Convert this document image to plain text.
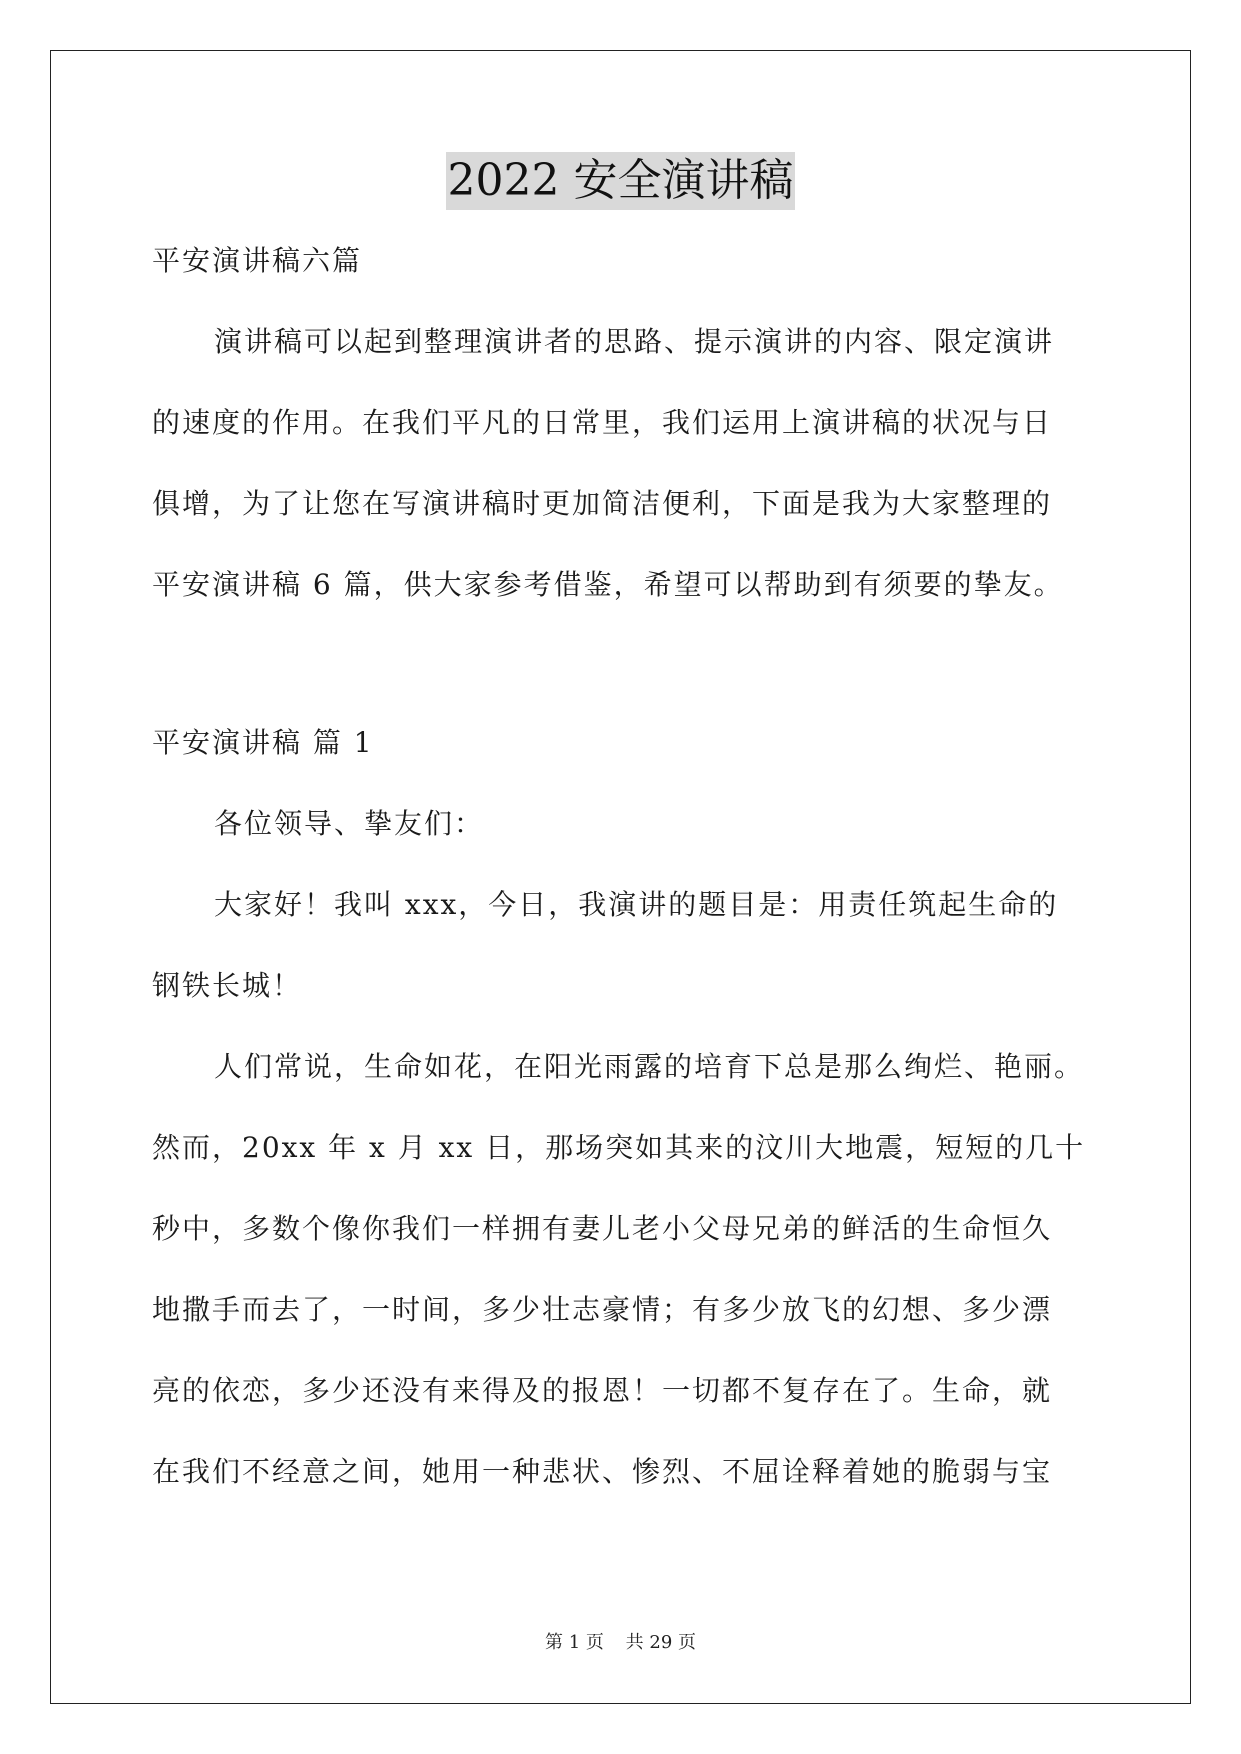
2022 安全演讲稿
平安演讲稿六篇
演讲稿可以起到整理演讲者的思路、提示演讲的内容、限定演讲
的速度的作用。在我们平凡的日常里，我们运用上演讲稿的状况与日
俱增，为了让您在写演讲稿时更加简洁便利，下面是我为大家整理的
平安演讲稿 6 篇，供大家参考借鉴，希望可以帮助到有须要的挚友。
平安演讲稿 篇 1
各位领导、挚友们：
大家好！我叫 xxx，今日，我演讲的题目是：用责任筑起生命的
钢铁长城！
人们常说，生命如花，在阳光雨露的培育下总是那么绚烂、艳丽。
然而，20xx 年 x 月 xx 日，那场突如其来的汶川大地震，短短的几十
秒中，多数个像你我们一样拥有妻儿老小父母兄弟的鲜活的生命恒久
地撒手而去了，一时间，多少壮志豪情；有多少放飞的幻想、多少漂
亮的依恋，多少还没有来得及的报恩！一切都不复存在了。生命，就
在我们不经意之间，她用一种悲状、惨烈、不屈诠释着她的脆弱与宝
第 1 页 共 29 页
